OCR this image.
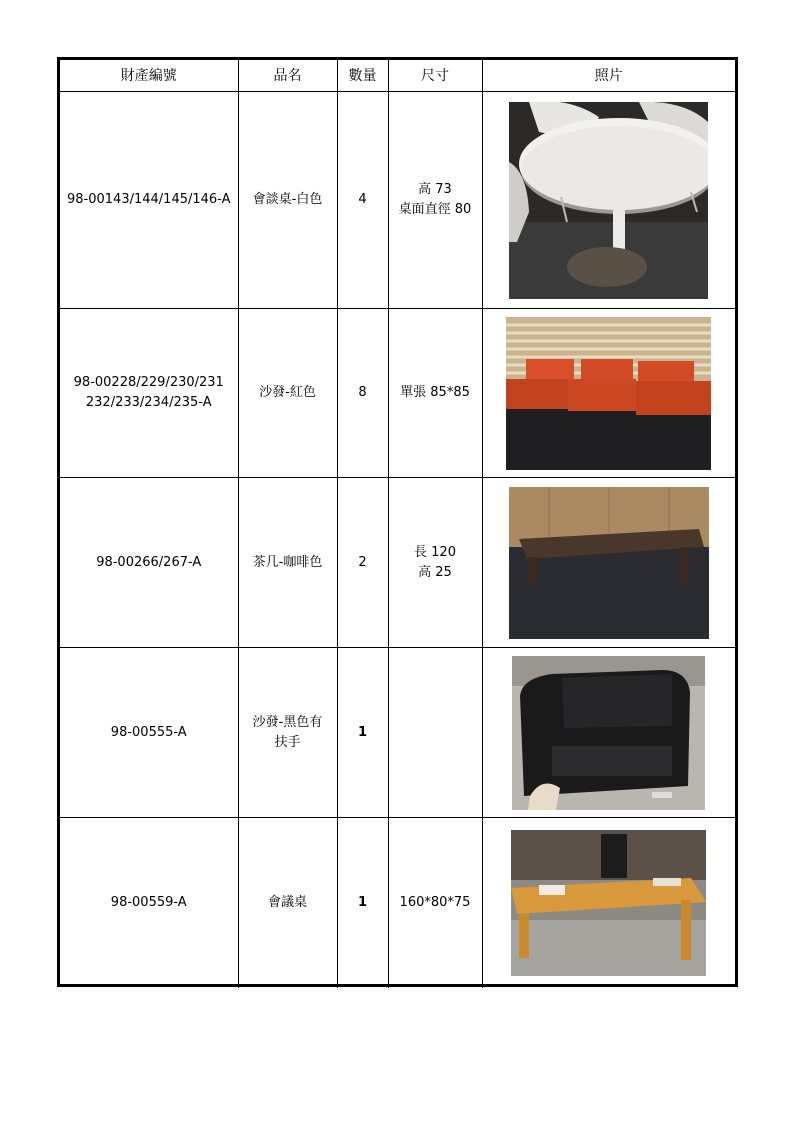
財產編號	品名	數量	尺寸	照片
98-00143/144/145/146-A	會談桌-白色	4	高 73
桌面直徑 80	

98-00228/229/230/231
232/233/234/235-A	沙發-紅色	8	單張 85*85	

98-00266/267-A	茶几-咖啡色	2	長 120
高 25	

98-00555-A	沙發-黑色有
扶手	1		

98-00559-A	會議桌	1	160*80*75	
